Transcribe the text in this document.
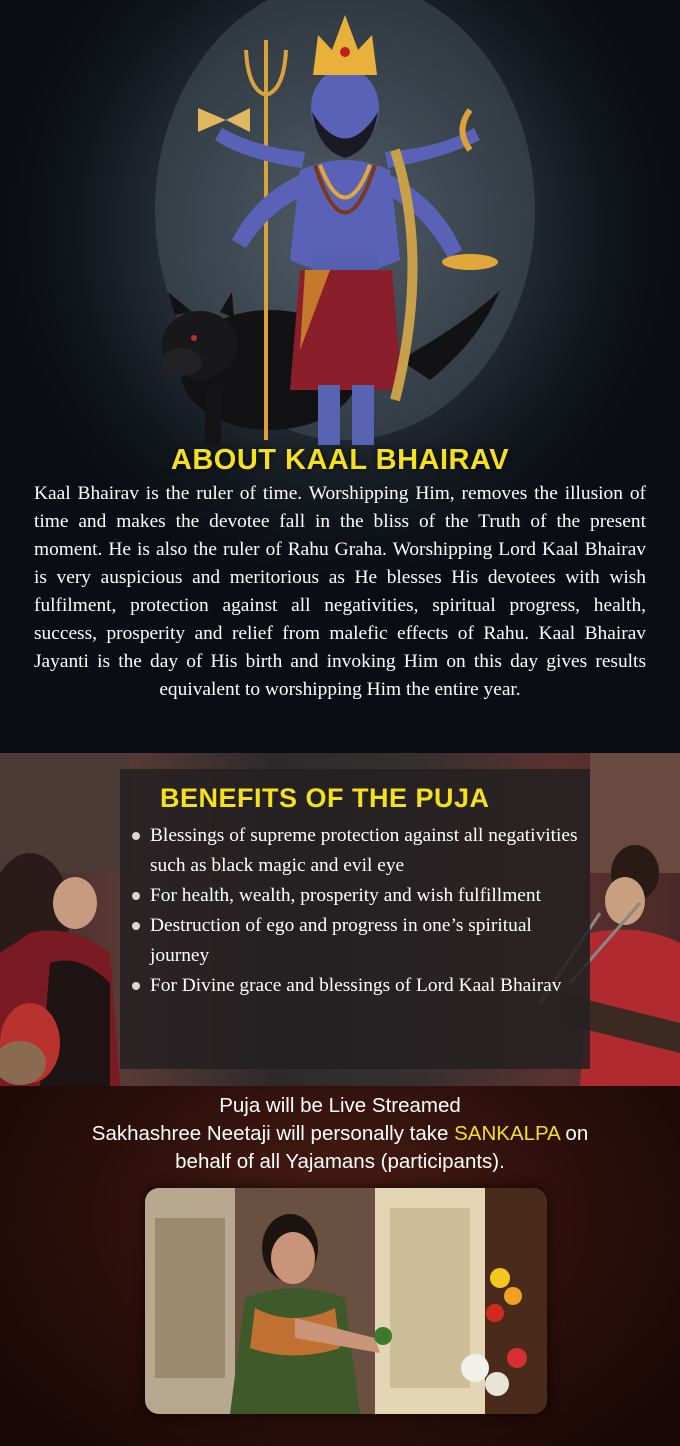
ABOUT KAAL BHAIRAV

Kaal Bhairav is the ruler of time. Worshipping Him, removes the illusion of time and makes the devotee fall in the bliss of the Truth of the present moment. He is also the ruler of Rahu Graha. Worshipping Lord Kaal Bhairav is very auspicious and meritorious as He blesses His devotees with wish fulfilment, protection against all negativities, spiritual progress, health, success, prosperity and relief from malefic effects of Rahu. Kaal Bhairav Jayanti is the day of His birth and invoking Him on this day gives results equivalent to worshipping Him the entire year.

BENEFITS OF THE PUJA
Blessings of supreme protection against all negativities such as black magic and evil eye
For health, wealth, prosperity and wish fulfillment
Destruction of ego and progress in one’s spiritual journey
For Divine grace and blessings of Lord Kaal Bhairav
Puja will be Live Streamed
Sakhashree Neetaji will personally take SANKALPA on
behalf of all Yajamans (participants).
